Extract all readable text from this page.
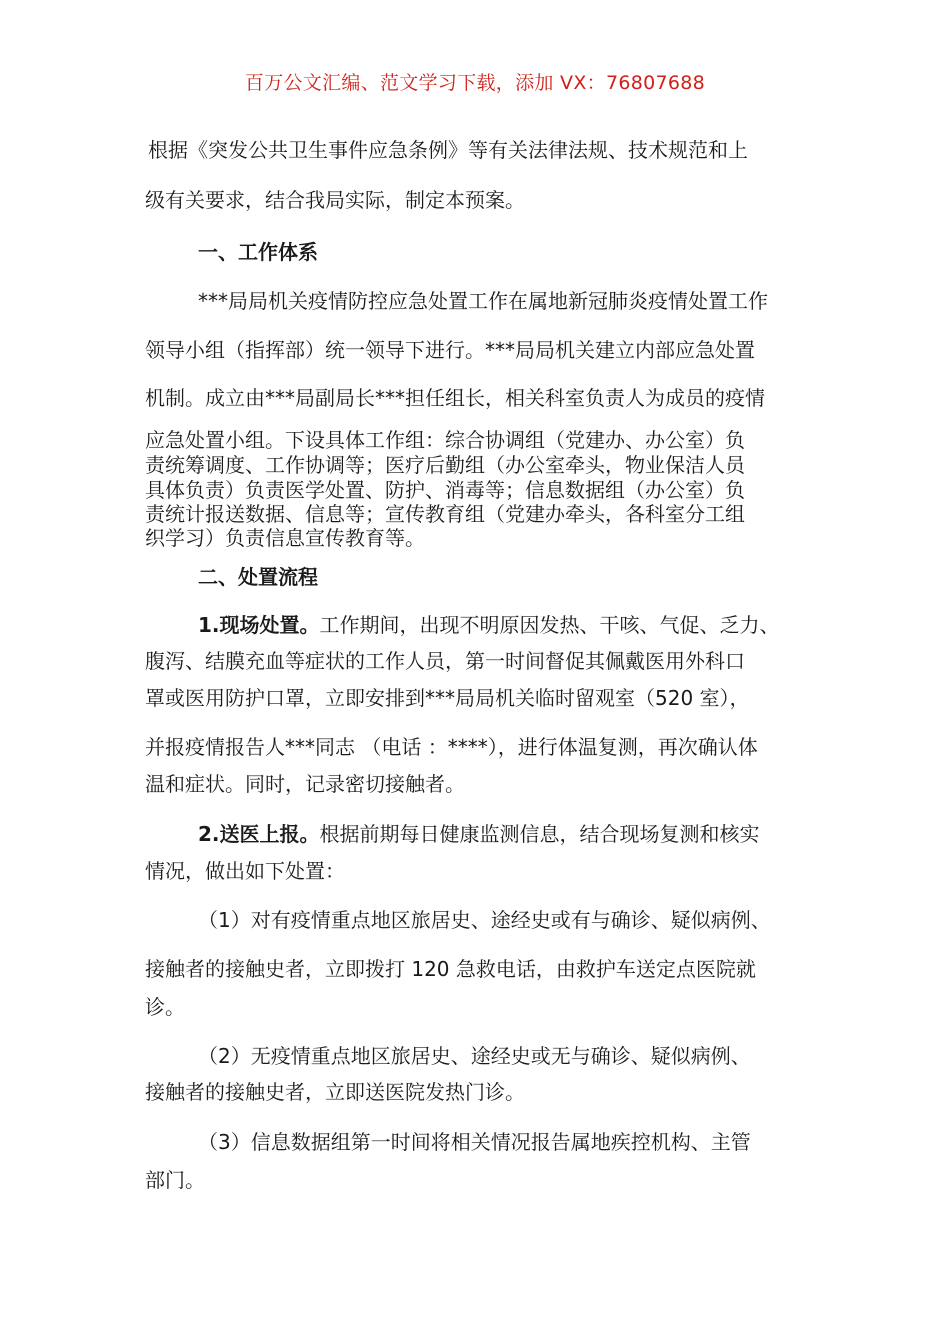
百万公文汇编、范文学习下载，添加 VX：76807688
根据《突发公共卫生事件应急条例》等有关法律法规、技术规范和上
级有关要求，结合我局实际，制定本预案。
一、工作体系
***局局机关疫情防控应急处置工作在属地新冠肺炎疫情处置工作
领导小组（指挥部）统一领导下进行。***局局机关建立内部应急处置
机制。成立由***局副局长***担任组长，相关科室负责人为成员的疫情
应急处置小组。下设具体工作组：综合协调组（党建办、办公室）负
责统筹调度、工作协调等；医疗后勤组（办公室牵头，物业保洁人员
具体负责）负责医学处置、防护、消毒等；信息数据组（办公室）负
责统计报送数据、信息等；宣传教育组（党建办牵头，各科室分工组
织学习）负责信息宣传教育等。
二、处置流程
1.现场处置。工作期间，出现不明原因发热、干咳、气促、乏力、
腹泻、结膜充血等症状的工作人员，第一时间督促其佩戴医用外科口
罩或医用防护口罩，立即安排到***局局机关临时留观室（520 室），
并报疫情报告人***同志 （电话 ：****），进行体温复测，再次确认体
温和症状。同时，记录密切接触者。
2.送医上报。根据前期每日健康监测信息，结合现场复测和核实
情况，做出如下处置：
（1）对有疫情重点地区旅居史、途经史或有与确诊、疑似病例、
接触者的接触史者，立即拨打 120 急救电话，由救护车送定点医院就
诊。
（2）无疫情重点地区旅居史、途经史或无与确诊、疑似病例、
接触者的接触史者，立即送医院发热门诊。
（3）信息数据组第一时间将相关情况报告属地疾控机构、主管
部门。
